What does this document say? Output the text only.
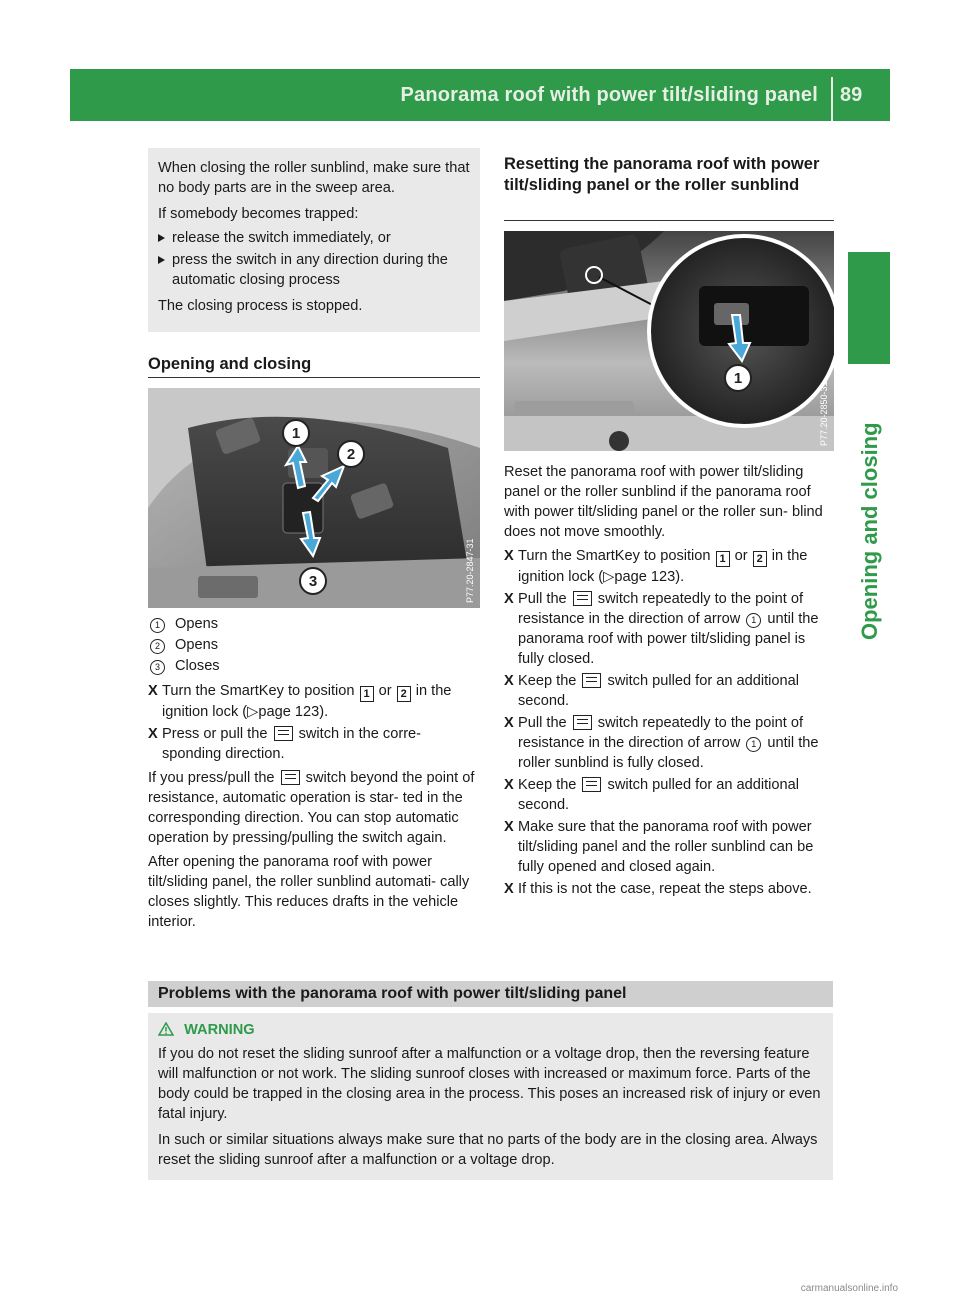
Panorama roof with power tilt/sliding panel	89
Opening and closing
When closing the roller sunblind, make sure that no body parts are in the sweep area.
If somebody becomes trapped:
release the switch immediately, or
press the switch in any direction during the automatic closing process
The closing process is stopped.
Opening and closing
1
2
3	P77.20-2847-31
1 Opens
2 Opens
3 Closes
X Turn the SmartKey to position 1 or 2 in the ignition lock (▷page 123).
X Press or pull the  switch in the corre- sponding direction.
If you press/pull the  switch beyond the point of resistance, automatic operation is star- ted in the corresponding direction. You can stop automatic operation by pressing/pulling the switch again.
After opening the panorama roof with power tilt/sliding panel, the roller sunblind automati- cally closes slightly. This reduces drafts in the vehicle interior.
Resetting the panorama roof with power tilt/sliding panel or the roller sunblind
1
P77.20-2850-31
Reset the panorama roof with power tilt/sliding panel or the roller sunblind if the panorama roof with power tilt/sliding panel or the roller sun- blind does not move smoothly.
X Turn the SmartKey to position 1 or 2 in the ignition lock (▷page 123).
X Pull the  switch repeatedly to the point of resistance in the direction of arrow 1 until the panorama roof with power tilt/sliding panel is fully closed.
X Keep the  switch pulled for an additional second.
X Pull the  switch repeatedly to the point of resistance in the direction of arrow 1 until the roller sunblind is fully closed.
X Keep the  switch pulled for an additional second.
X Make sure that the panorama roof with power tilt/sliding panel and the roller sunblind can be fully opened and closed again.
X If this is not the case, repeat the steps above.
Problems with the panorama roof with power tilt/sliding panel
WARNING
If you do not reset the sliding sunroof after a malfunction or a voltage drop, then the reversing feature will malfunction or not work. The sliding sunroof closes with increased or maximum force. Parts of the body could be trapped in the closing area in the process. This poses an increased risk of injury or even fatal injury.
In such or similar situations always make sure that no parts of the body are in the closing area. Always reset the sliding sunroof after a malfunction or a voltage drop.
carmanualsonline.info
